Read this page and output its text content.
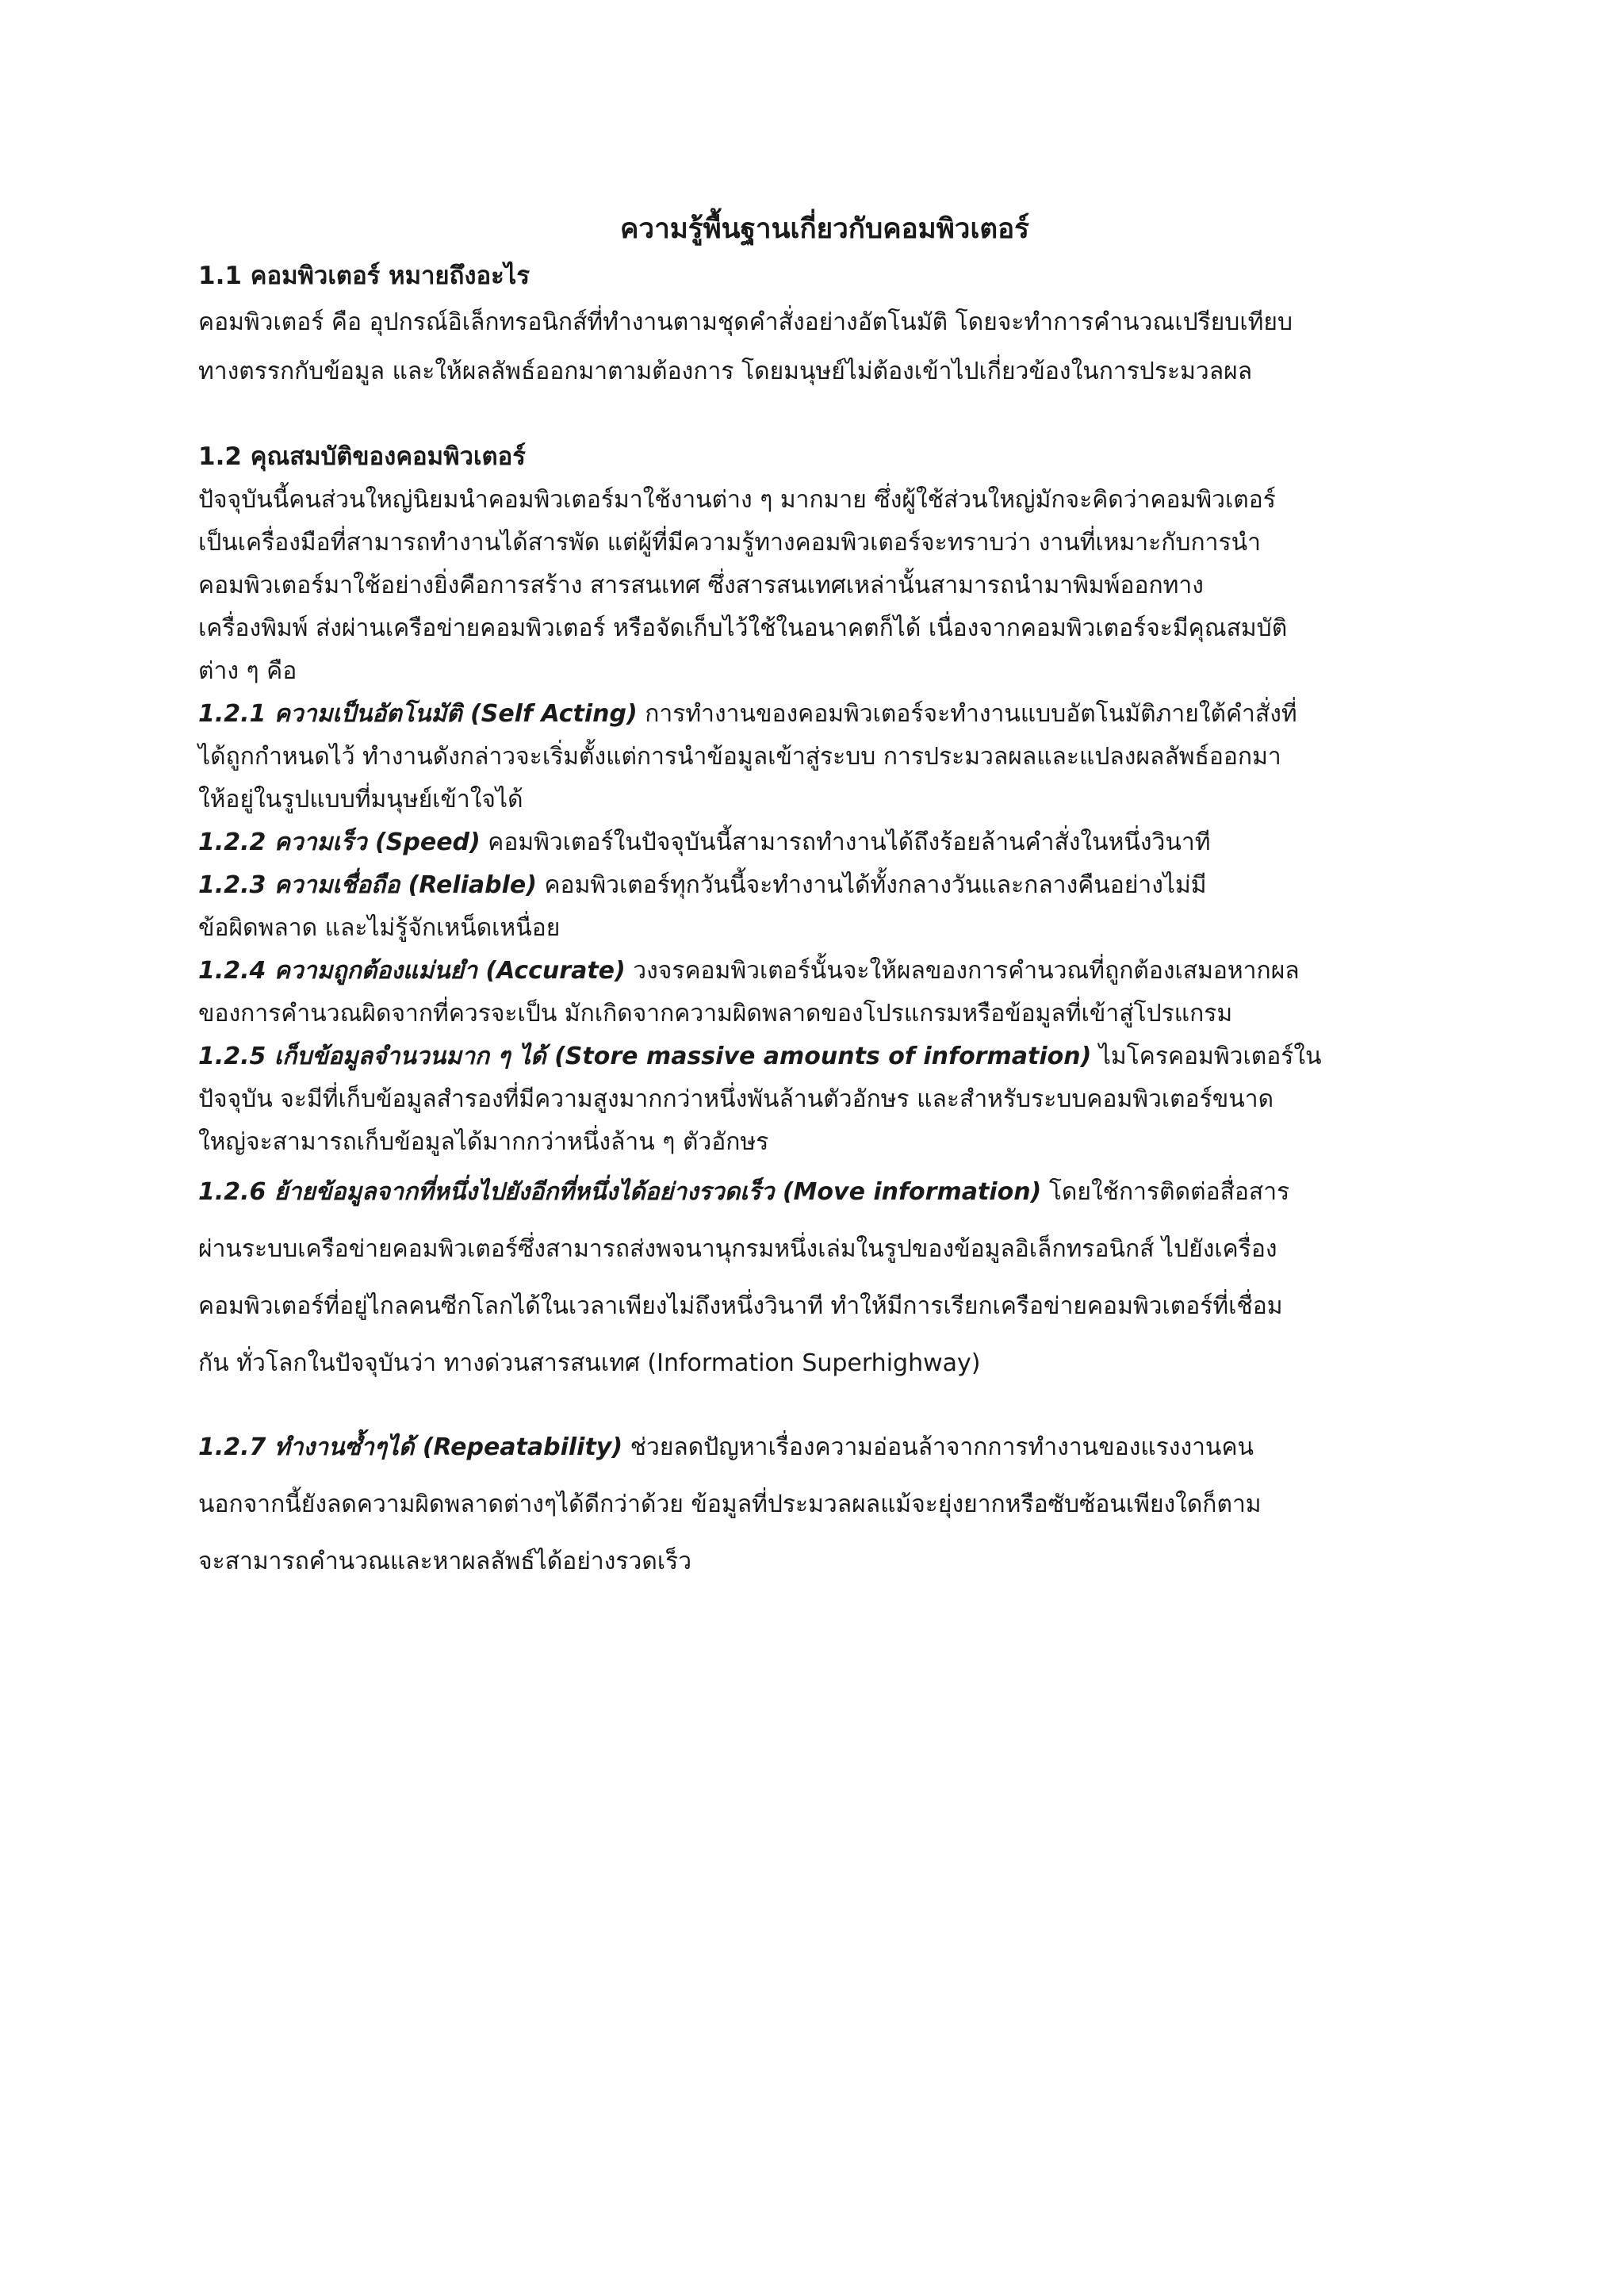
ความรู้พื้นฐานเกี่ยวกับคอมพิวเตอร์
1.1 คอมพิวเตอร์ หมายถึงอะไร

คอมพิวเตอร์ คือ อุปกรณ์อิเล็กทรอนิกส์ที่ทำงานตามชุดคำสั่งอย่างอัตโนมัติ โดยจะทำการคำนวณเปรียบเทียบ
ทางตรรกกับข้อมูล และให้ผลลัพธ์ออกมาตามต้องการ โดยมนุษย์ไม่ต้องเข้าไปเกี่ยวข้องในการประมวลผล

1.2 คุณสมบัติของคอมพิวเตอร์

ปัจจุบันนี้คนส่วนใหญ่นิยมนำคอมพิวเตอร์มาใช้งานต่าง ๆ มากมาย ซึ่งผู้ใช้ส่วนใหญ่มักจะคิดว่าคอมพิวเตอร์
เป็นเครื่องมือที่สามารถทำงานได้สารพัด แต่ผู้ที่มีความรู้ทางคอมพิวเตอร์จะทราบว่า งานที่เหมาะกับการนำ
คอมพิวเตอร์มาใช้อย่างยิ่งคือการสร้าง สารสนเทศ ซึ่งสารสนเทศเหล่านั้นสามารถนำมาพิมพ์ออกทาง
เครื่องพิมพ์ ส่งผ่านเครือข่ายคอมพิวเตอร์ หรือจัดเก็บไว้ใช้ในอนาคตก็ได้ เนื่องจากคอมพิวเตอร์จะมีคุณสมบัติ
ต่าง ๆ คือ

1.2.1 ความเป็นอัตโนมัติ (Self Acting) การทำงานของคอมพิวเตอร์จะทำงานแบบอัตโนมัติภายใต้คำสั่งที่
ได้ถูกกำหนดไว้ ทำงานดังกล่าวจะเริ่มตั้งแต่การนำข้อมูลเข้าสู่ระบบ การประมวลผลและแปลงผลลัพธ์ออกมา
ให้อยู่ในรูปแบบที่มนุษย์เข้าใจได้

1.2.2 ความเร็ว (Speed) คอมพิวเตอร์ในปัจจุบันนี้สามารถทำงานได้ถึงร้อยล้านคำสั่งในหนึ่งวินาที

1.2.3 ความเชื่อถือ (Reliable) คอมพิวเตอร์ทุกวันนี้จะทำงานได้ทั้งกลางวันและกลางคืนอย่างไม่มี
ข้อผิดพลาด และไม่รู้จักเหน็ดเหนื่อย

1.2.4 ความถูกต้องแม่นยำ (Accurate) วงจรคอมพิวเตอร์นั้นจะให้ผลของการคำนวณที่ถูกต้องเสมอหากผล
ของการคำนวณผิดจากที่ควรจะเป็น มักเกิดจากความผิดพลาดของโปรแกรมหรือข้อมูลที่เข้าสู่โปรแกรม

1.2.5 เก็บข้อมูลจำนวนมาก ๆ ได้ (Store massive amounts of information) ไมโครคอมพิวเตอร์ใน
ปัจจุบัน จะมีที่เก็บข้อมูลสำรองที่มีความสูงมากกว่าหนึ่งพันล้านตัวอักษร และสำหรับระบบคอมพิวเตอร์ขนาด
ใหญ่จะสามารถเก็บข้อมูลได้มากกว่าหนึ่งล้าน ๆ ตัวอักษร

1.2.6 ย้ายข้อมูลจากที่หนึ่งไปยังอีกที่หนึ่งได้อย่างรวดเร็ว (Move information) โดยใช้การติดต่อสื่อสาร
ผ่านระบบเครือข่ายคอมพิวเตอร์ซึ่งสามารถส่งพจนานุกรมหนึ่งเล่มในรูปของข้อมูลอิเล็กทรอนิกส์ ไปยังเครื่อง
คอมพิวเตอร์ที่อยู่ไกลคนซีกโลกได้ในเวลาเพียงไม่ถึงหนึ่งวินาที ทำให้มีการเรียกเครือข่ายคอมพิวเตอร์ที่เชื่อม
กัน ทั่วโลกในปัจจุบันว่า ทางด่วนสารสนเทศ (Information Superhighway)

1.2.7 ทำงานซ้ำๆได้ (Repeatability) ช่วยลดปัญหาเรื่องความอ่อนล้าจากการทำงานของแรงงานคน
นอกจากนี้ยังลดความผิดพลาดต่างๆได้ดีกว่าด้วย ข้อมูลที่ประมวลผลแม้จะยุ่งยากหรือซับซ้อนเพียงใดก็ตาม
จะสามารถคำนวณและหาผลลัพธ์ได้อย่างรวดเร็ว
